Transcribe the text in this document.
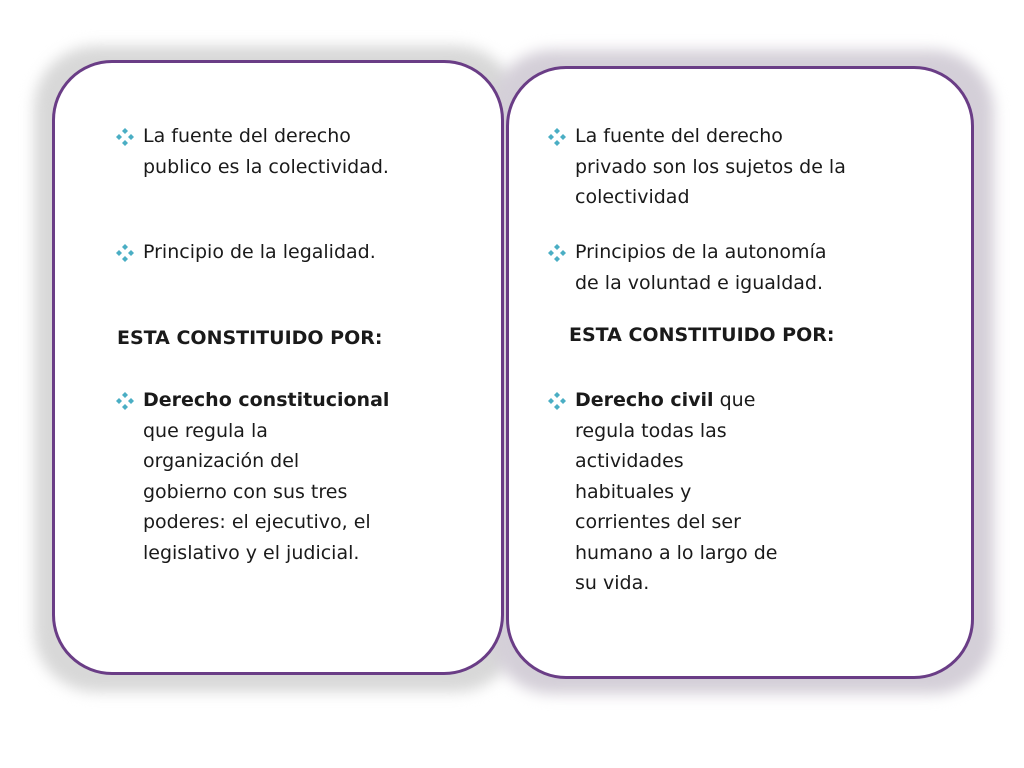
La fuente del derecho
publico es la colectividad.
Principio de la legalidad.
ESTA CONSTITUIDO POR:
Derecho constitucional
que regula la
organización del
gobierno con sus tres
poderes: el ejecutivo, el
legislativo y el judicial.
La fuente del derecho
privado son los sujetos de la
colectividad
Principios de la autonomía
de la voluntad e igualdad.
ESTA CONSTITUIDO POR:
Derecho civil que
regula todas las
actividades
habituales y
corrientes del ser
humano a lo largo de
su vida.
